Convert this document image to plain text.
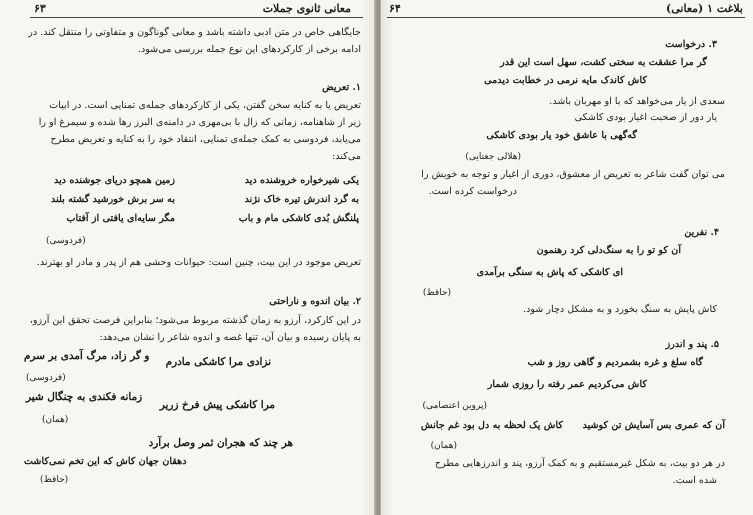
معانی ثانوی جملات
۶۳
جایگاهی خاص در متن ادبی داشته باشد و معانی گوناگون و متفاوتی را منتقل کند. در
ادامه برخی از کارکردهای این نوع جمله بررسی می‌شود.
۱. تعریض
تعریض یا به کنایه سخن گفتن، یکی از کارکردهای جمله‌ی تمنایی است. در ابیات
زیر از شاهنامه، زمانی که زال با بی‌مهری در دامنه‌ی البرز رها شده و سیمرغ او را
می‌یابد، فردوسی به کمک جمله‌ی تمنایی، انتقاد خود را به کنایه و تعریض مطرح
می‌کند:
یکی شیرخواره خروشنده دید
زمین همچو دریای جوشنده دید
به گرد اندرش تیره خاک نژند
به سر برش خورشید گشته بلند
پلنگش بُدی کاشکی مام و باب
مگر سایه‌ای یافتی از آفتاب
(فردوسی)
تعریض موجود در این بیت، چنین است: حیوانات وحشی هم از پدر و مادر او بهترند.
۲. بیان اندوه و ناراحتی
در این کارکرد، آرزو به زمان گذشته مربوط می‌شود؛ بنابراین فرصت تحقق این آرزو،
به پایان رسیده و بیان آن، تنها غصه و اندوه شاعر را نشان می‌دهد:
نزادی مرا کاشکی مادرم
و گر زاد، مرگ آمدی بر سرم
(فردوسی)
مرا کاشکی پیش فرخ زریر
زمانه فکندی به چنگال شیر
(همان)
هر چند که هجران ثمر وصل برآرد
دهقان جهان کاش که این تخم نمی‌کاشت
(حافظ)
بلاغت ۱ (معانی)
۶۴
۳. درخواست
گر مرا عشقت به سختی کشت، سهل است این قدر
کاش کاندک مایه نرمی در خطابت دیدمی
سعدی از یار می‌خواهد که با او مهربان باشد.
یار دور از صحبت اغیار بودی کاشکی
گه‌گهی با عاشق خود یار بودی کاشکی
(هلالی جغتایی)
می توان گفت شاعر به تعریض از معشوق، دوری از اغیار و توجه به خویش را
درخواست کرده است.
۴. نفرین
آن کو تو را به سنگ‌دلی کرد رهنمون
ای کاشکی که پاش به سنگی برآمدی
(حافظ)
کاش پایش به سنگ بخورد و به مشکل دچار شود.
۵. پند و اندرز
گاه سلغ و غره بشمردیم و گاهی روز و شب
کاش می‌کردیم عمر رفته را روزی شمار
(پروین اعتصامی)
آن که عمری بس آسایش تن کوشید
کاش یک لحظه به دل بود غم جانش
(همان)
در هر دو بیت، به شکل غیرمستقیم و به کمک آرزو، پند و اندرزهایی مطرح
شده است.
